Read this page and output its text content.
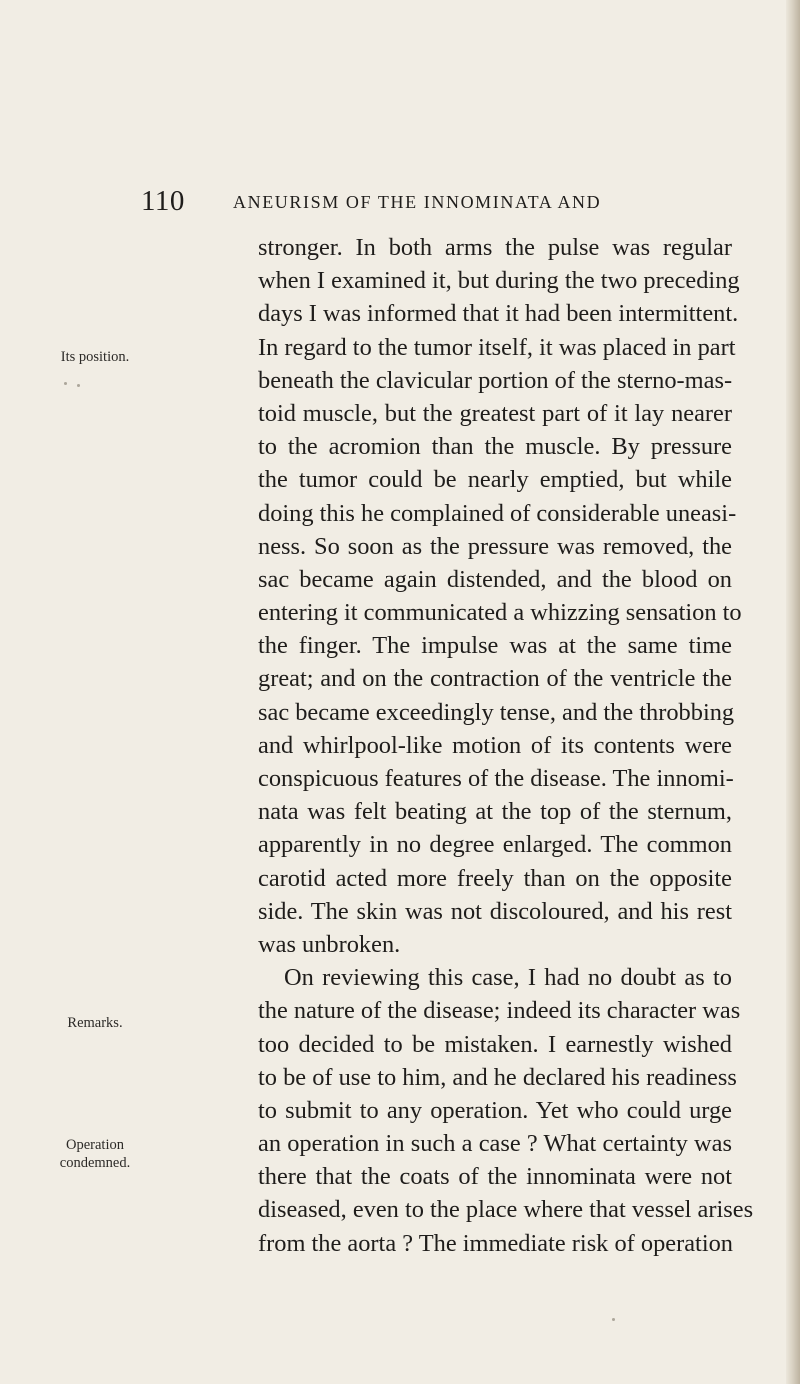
110	ANEURISM OF THE INNOMINATA AND
Its position.
Remarks.
Operation
condemned.
stronger. In both arms the pulse was regular
when I examined it, but during the two preceding
days I was informed that it had been intermittent.
In regard to the tumor itself, it was placed in part
beneath the clavicular portion of the sterno-mas-
toid muscle, but the greatest part of it lay nearer
to the acromion than the muscle. By pressure
the tumor could be nearly emptied, but while
doing this he complained of considerable uneasi-
ness. So soon as the pressure was removed, the
sac became again distended, and the blood on
entering it communicated a whizzing sensation to
the finger. The impulse was at the same time
great; and on the contraction of the ventricle the
sac became exceedingly tense, and the throbbing
and whirlpool-like motion of its contents were
conspicuous features of the disease. The innomi-
nata was felt beating at the top of the sternum,
apparently in no degree enlarged. The common
carotid acted more freely than on the opposite
side. The skin was not discoloured, and his rest
was unbroken.
On reviewing this case, I had no doubt as to
the nature of the disease; indeed its character was
too decided to be mistaken. I earnestly wished
to be of use to him, and he declared his readiness
to submit to any operation. Yet who could urge
an operation in such a case ? What certainty was
there that the coats of the innominata were not
diseased, even to the place where that vessel arises
from the aorta ? The immediate risk of operation
